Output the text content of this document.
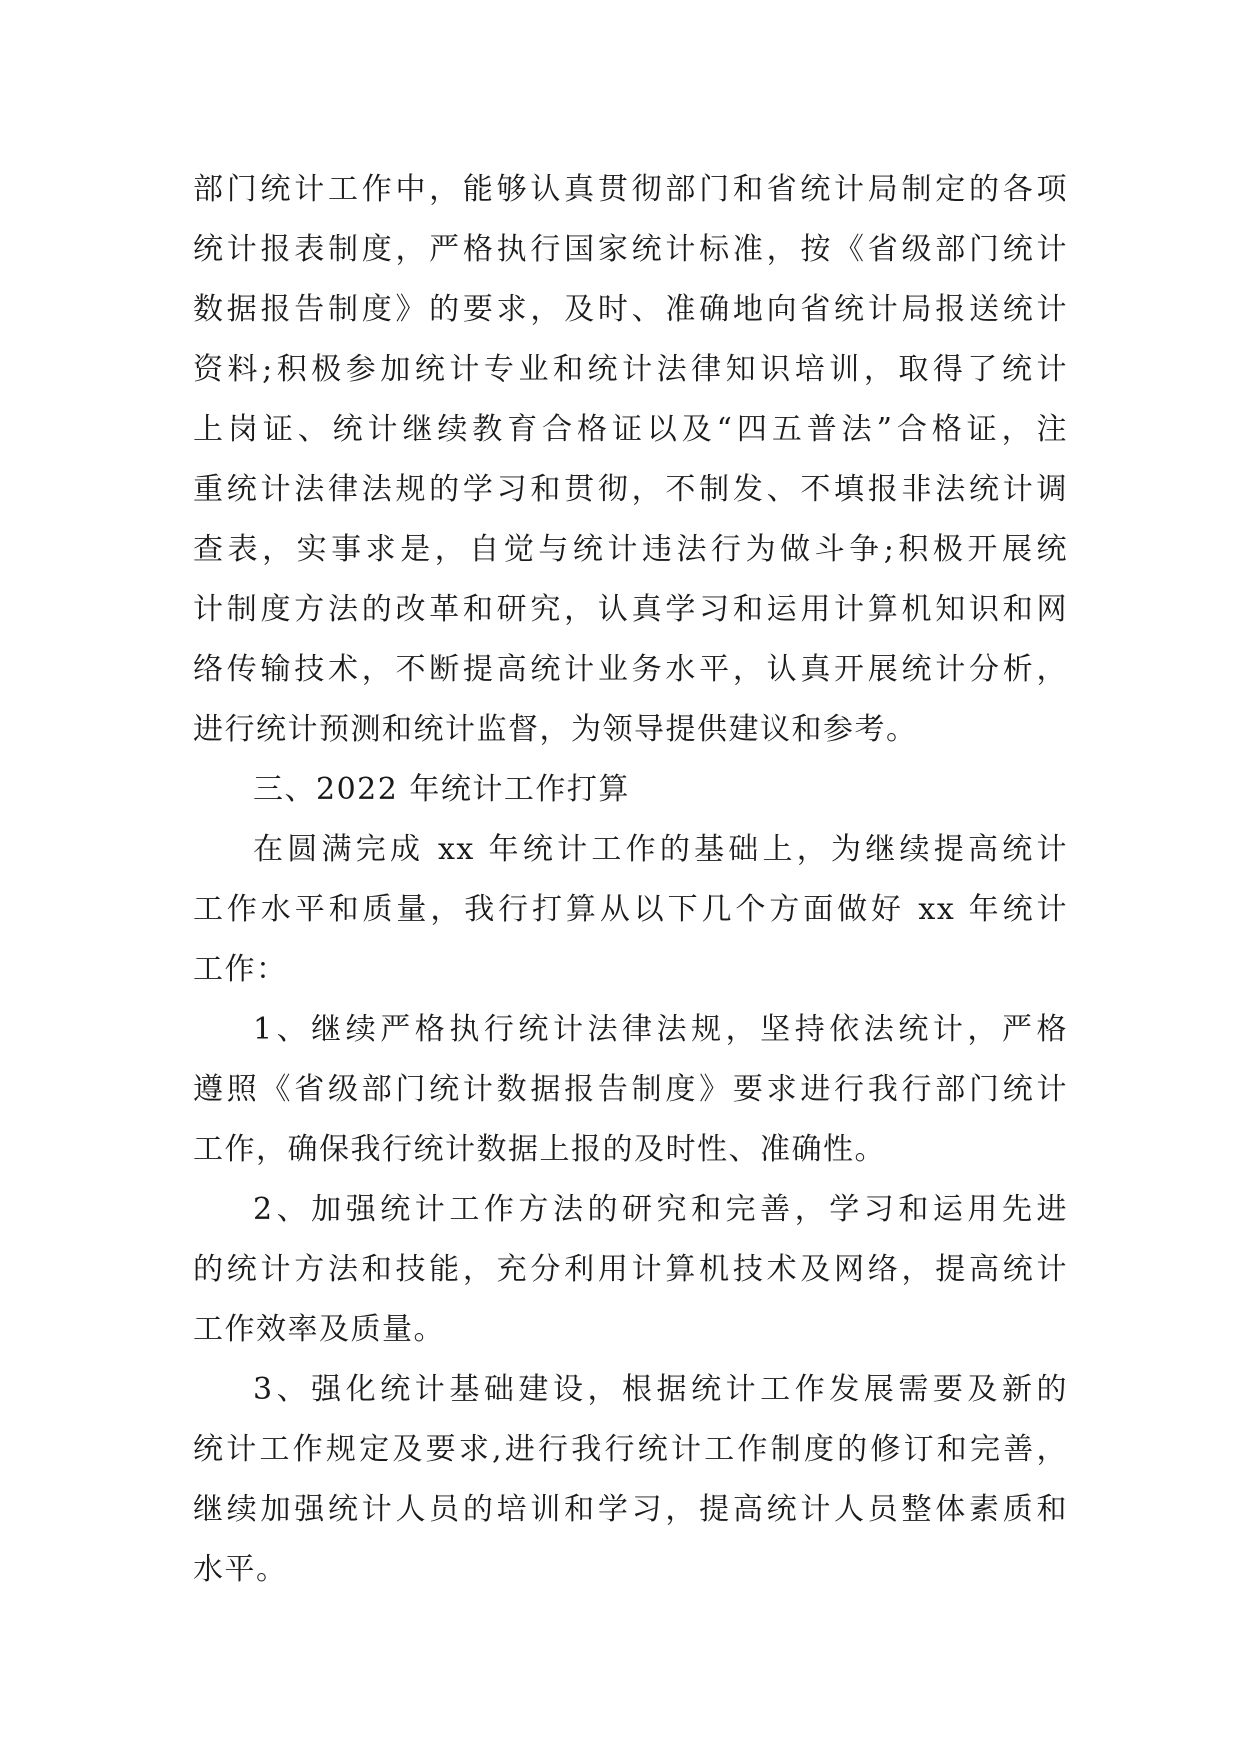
部门统计工作中，能够认真贯彻部门和省统计局制定的各项
统计报表制度，严格执行国家统计标准，按《省级部门统计
数据报告制度》的要求，及时、准确地向省统计局报送统计
资料;积极参加统计专业和统计法律知识培训，取得了统计
上岗证、统计继续教育合格证以及“四五普法”合格证，注
重统计法律法规的学习和贯彻，不制发、不填报非法统计调
查表，实事求是，自觉与统计违法行为做斗争;积极开展统
计制度方法的改革和研究，认真学习和运用计算机知识和网
络传输技术，不断提高统计业务水平，认真开展统计分析，
进行统计预测和统计监督，为领导提供建议和参考。
三、2022 年统计工作打算
在圆满完成 xx 年统计工作的基础上，为继续提高统计
工作水平和质量，我行打算从以下几个方面做好 xx 年统计
工作：
1、继续严格执行统计法律法规，坚持依法统计，严格
遵照《省级部门统计数据报告制度》要求进行我行部门统计
工作，确保我行统计数据上报的及时性、准确性。
2、加强统计工作方法的研究和完善，学习和运用先进
的统计方法和技能，充分利用计算机技术及网络，提高统计
工作效率及质量。
3、强化统计基础建设，根据统计工作发展需要及新的
统计工作规定及要求,进行我行统计工作制度的修订和完善，
继续加强统计人员的培训和学习，提高统计人员整体素质和
水平。
